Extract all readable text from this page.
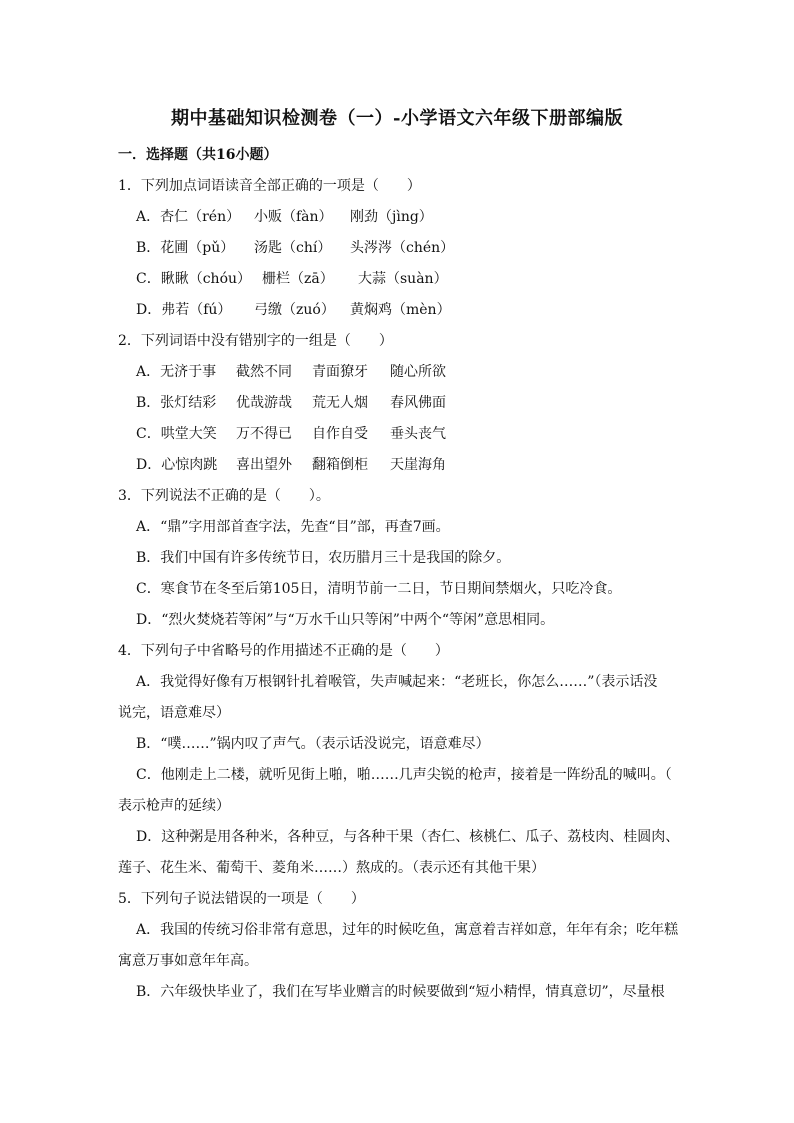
期中基础知识检测卷（一）-小学语文六年级下册部编版
一．选择题（共16小题）
1．下列加点词语读音全部正确的一项是（　　）
A．杏仁（rén） 小贩（fàn） 刚劲（jìng）
B．花圃（pǔ） 汤匙（chí） 头涔涔（chén）
C．瞅瞅（chóu） 栅栏（zā） 大蒜（suàn）
D．弗若（fú） 弓缴（zuó） 黄焖鸡（mèn）
2．下列词语中没有错别字的一组是（　　）
A．无济于事 截然不同 青面獠牙 随心所欲
B．张灯结彩 优哉游哉 荒无人烟 春风佛面
C．哄堂大笑 万不得已 自作自受 垂头丧气
D．心惊肉跳 喜出望外 翻箱倒柜 天崖海角
3．下列说法不正确的是（　　）。
A．“鼎”字用部首查字法，先查“目”部，再查7画。
B．我们中国有许多传统节日，农历腊月三十是我国的除夕。
C．寒食节在冬至后第105日，清明节前一二日，节日期间禁烟火，只吃冷食。
D．“烈火焚烧若等闲”与“万水千山只等闲”中两个“等闲”意思相同。
4．下列句子中省略号的作用描述不正确的是（　　）
A．我觉得好像有万根钢针扎着喉管，失声喊起来：“老班长，你怎么……”（表示话没
说完，语意难尽）
B．“噗……”锅内叹了声气。（表示话没说完，语意难尽）
C．他刚走上二楼，就听见街上啪，啪……几声尖锐的枪声，接着是一阵纷乱的喊叫。（
表示枪声的延续）
D．这种粥是用各种米，各种豆，与各种干果（杏仁、核桃仁、瓜子、荔枝肉、桂圆肉、
莲子、花生米、葡萄干、菱角米……）熬成的。（表示还有其他干果）
5．下列句子说法错误的一项是（　　）
A．我国的传统习俗非常有意思，过年的时候吃鱼，寓意着吉祥如意，年年有余；吃年糕
寓意万事如意年年高。
B．六年级快毕业了，我们在写毕业赠言的时候要做到“短小精悍，情真意切”，尽量根
